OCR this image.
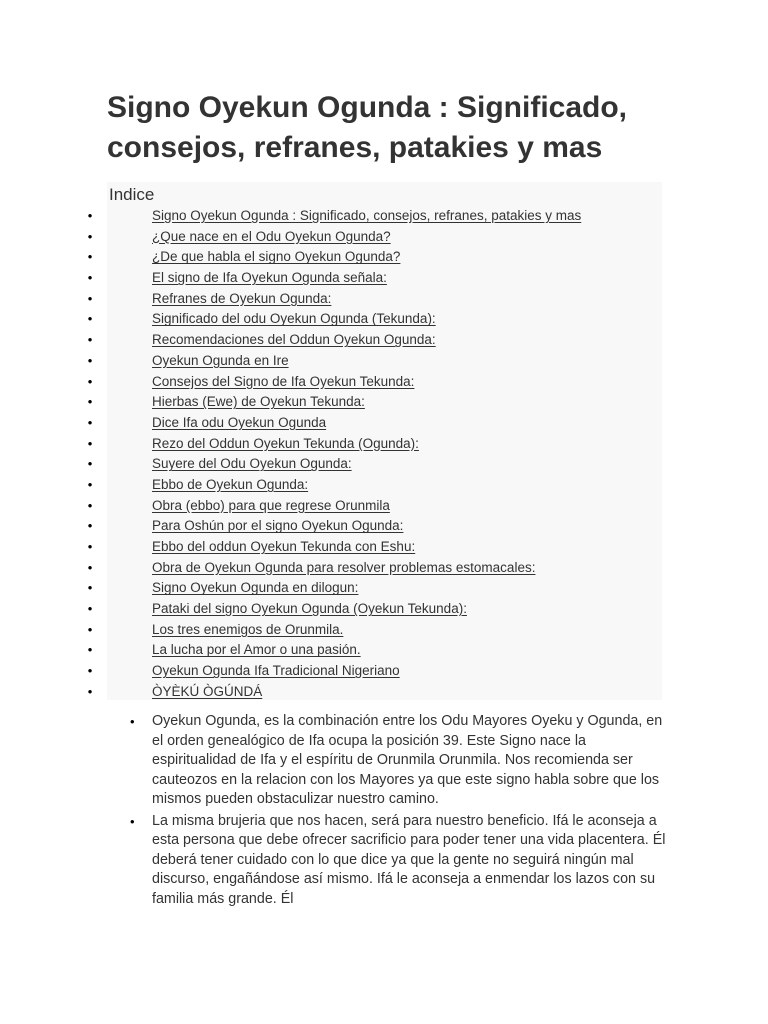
Signo Oyekun Ogunda : Significado, consejos, refranes, patakies y mas
Indice
•	Signo Oyekun Ogunda : Significado, consejos, refranes, patakies y mas
•	¿Que nace en el Odu Oyekun Ogunda?
•	¿De que habla el signo Oyekun Ogunda?
•	El signo de Ifa Oyekun Ogunda señala:
•	Refranes de Oyekun Ogunda:
•	Significado del odu Oyekun Ogunda (Tekunda):
•	Recomendaciones del Oddun Oyekun Ogunda:
•	Oyekun Ogunda en Ire
•	Consejos del Signo de Ifa Oyekun Tekunda:
•	Hierbas (Ewe) de Oyekun Tekunda:
•	Dice Ifa odu Oyekun Ogunda
•	Rezo del Oddun Oyekun Tekunda (Ogunda):
•	Suyere del Odu Oyekun Ogunda:
•	Ebbo de Oyekun Ogunda:
•	Obra (ebbo) para que regrese Orunmila
•	Para Oshún por el signo Oyekun Ogunda:
•	Ebbo del oddun Oyekun Tekunda con Eshu:
•	Obra de Oyekun Ogunda para resolver problemas estomacales:
•	Signo Oyekun Ogunda en dilogun:
•	Pataki del signo Oyekun Ogunda (Oyekun Tekunda):
•	Los tres enemigos de Orunmila.
•	La lucha por el Amor o una pasión.
•	Oyekun Ogunda Ifa Tradicional Nigeriano
•	ÒYÈKÚ ÒGÚNDÁ
• Oyekun Ogunda, es la combinación entre los Odu Mayores Oyeku y Ogunda, en el orden genealógico de Ifa ocupa la posición 39. Este Signo nace la espiritualidad de Ifa y el espíritu de Orunmila Orunmila. Nos recomienda ser cauteozos en la relacion con los Mayores ya que este signo habla sobre que los mismos pueden obstaculizar nuestro camino.
• La misma brujeria que nos hacen, será para nuestro beneficio. Ifá le aconseja a esta persona que debe ofrecer sacrificio para poder tener una vida placentera. Él deberá tener cuidado con lo que dice ya que la gente no seguirá ningún mal discurso, engañándose así mismo. Ifá le aconseja a enmendar los lazos con su familia más grande. Él
